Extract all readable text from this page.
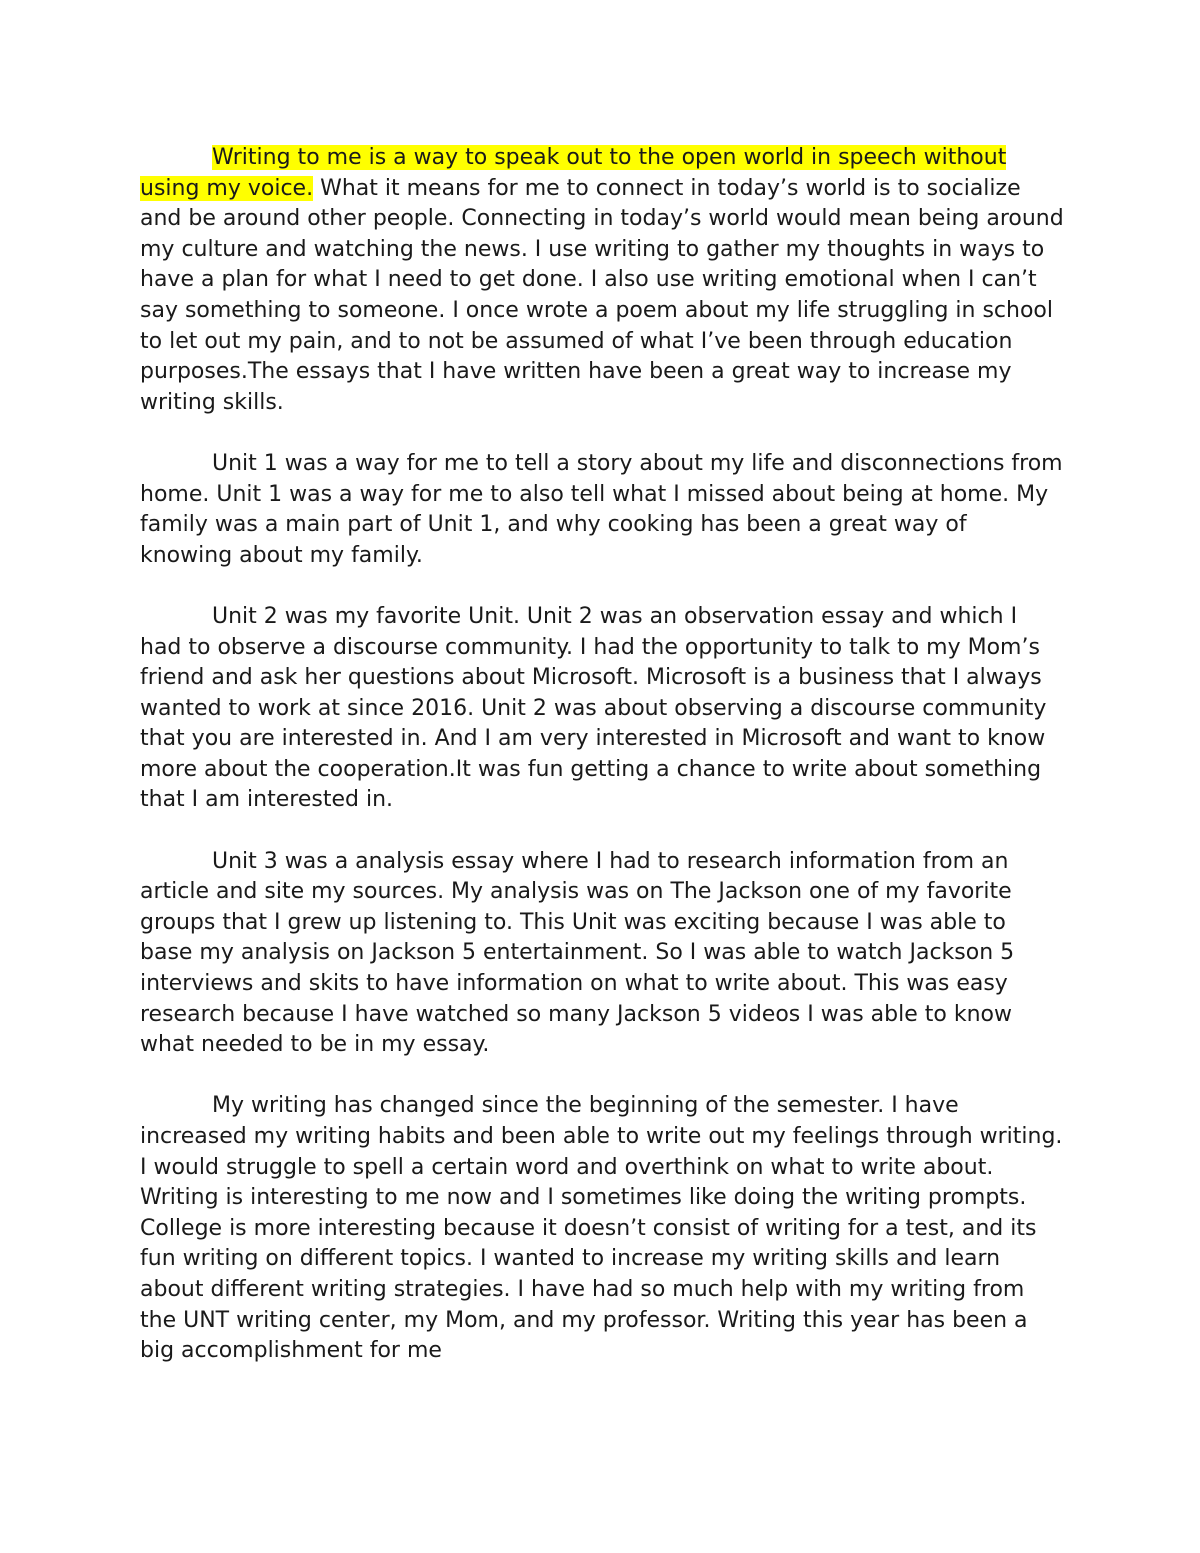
Writing to me is a way to speak out to the open world in speech without using my voice. What it means for me to connect in today’s world is to socialize and be around other people. Connecting in today’s world would mean being around my culture and watching the news. I use writing to gather my thoughts in ways to have a plan for what I need to get done. I also use writing emotional when I can’t say something to someone. I once wrote a poem about my life struggling in school to let out my pain, and to not be assumed of what I’ve been through education purposes.The essays that I have written have been a great way to increase my writing skills.

Unit 1 was a way for me to tell a story about my life and disconnections from home. Unit 1 was a way for me to also tell what I missed about being at home. My family was a main part of Unit 1, and why cooking has been a great way of knowing about my family.

Unit 2 was my favorite Unit. Unit 2 was an observation essay and which I had to observe a discourse community. I had the opportunity to talk to my Mom’s friend and ask her questions about Microsoft. Microsoft is a business that I always wanted to work at since 2016. Unit 2 was about observing a discourse community that you are interested in. And I am very interested in Microsoft and want to know more about the cooperation.It was fun getting a chance to write about something that I am interested in.

Unit 3 was a analysis essay where I had to research information from an article and site my sources. My analysis was on The Jackson one of my favorite groups that I grew up listening to. This Unit was exciting because I was able to base my analysis on Jackson 5 entertainment. So I was able to watch Jackson 5 interviews and skits to have information on what to write about. This was easy research because I have watched so many Jackson 5 videos I was able to know what needed to be in my essay.

My writing has changed since the beginning of the semester. I have increased my writing habits and been able to write out my feelings through writing. I would struggle to spell a certain word and overthink on what to write about. Writing is interesting to me now and I sometimes like doing the writing prompts. College is more interesting because it doesn’t consist of writing for a test, and its fun writing on different topics. I wanted to increase my writing skills and learn about different writing strategies. I have had so much help with my writing from the UNT writing center, my Mom, and my professor. Writing this year has been a big accomplishment for me
